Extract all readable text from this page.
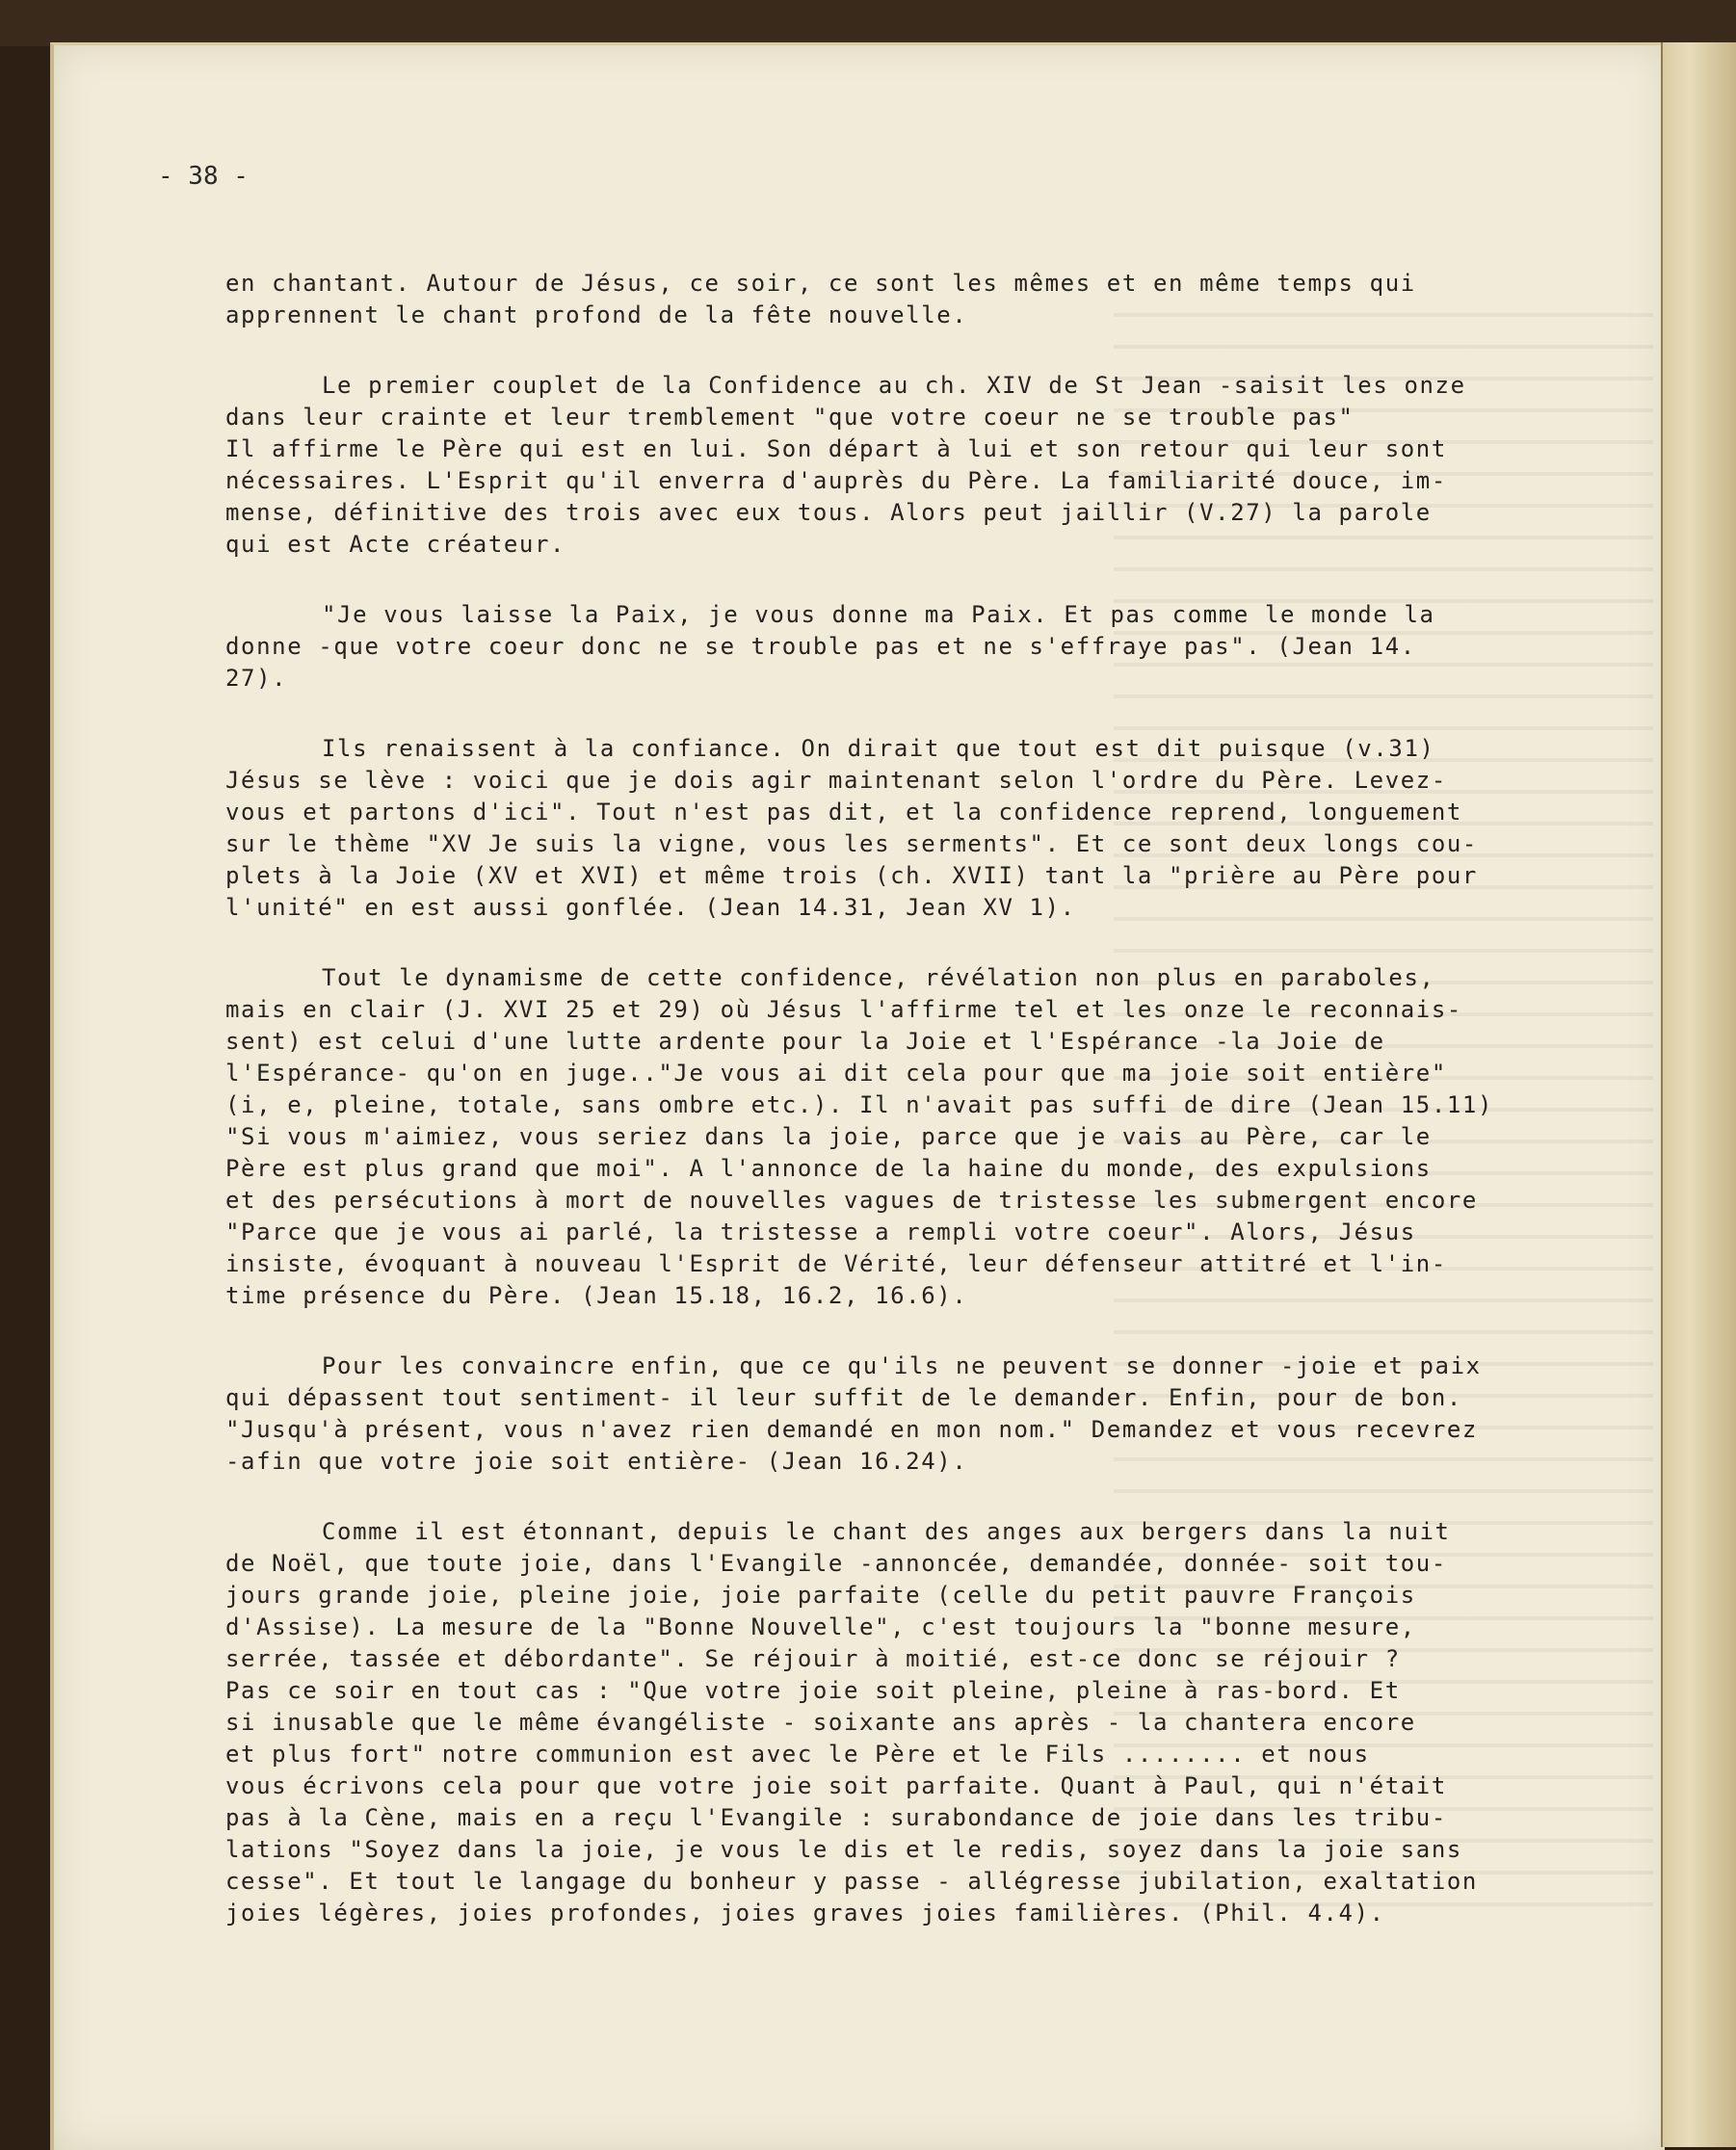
- 38 -

en chantant. Autour de Jésus, ce soir, ce sont les mêmes et en même temps qui

apprennent le chant profond de la fête nouvelle.

Le premier couplet de la Confidence au ch. XIV de St Jean -saisit les onze

dans leur crainte et leur tremblement "que votre coeur ne se trouble pas"

Il affirme le Père qui est en lui. Son départ à lui et son retour qui leur sont

nécessaires. L'Esprit qu'il enverra d'auprès du Père. La familiarité douce, im-

mense, définitive des trois avec eux tous. Alors peut jaillir (V.27) la parole

qui est Acte créateur.

"Je vous laisse la Paix, je vous donne ma Paix. Et pas comme le monde la

donne -que votre coeur donc ne se trouble pas et ne s'effraye pas". (Jean 14.

27).

Ils renaissent à la confiance. On dirait que tout est dit puisque (v.31)

Jésus se lève : voici que je dois agir maintenant selon l'ordre du Père. Levez-

vous et partons d'ici". Tout n'est pas dit, et la confidence reprend, longuement

sur le thème "XV Je suis la vigne, vous les serments". Et ce sont deux longs cou-

plets à la Joie (XV et XVI) et même trois (ch. XVII) tant la "prière au Père pour

l'unité" en est aussi gonflée. (Jean 14.31, Jean XV 1).

Tout le dynamisme de cette confidence, révélation non plus en paraboles,

mais en clair (J. XVI 25 et 29) où Jésus l'affirme tel et les onze le reconnais-

sent) est celui d'une lutte ardente pour la Joie et l'Espérance -la Joie de

l'Espérance- qu'on en juge.."Je vous ai dit cela pour que ma joie soit entière"

(i, e, pleine, totale, sans ombre etc.). Il n'avait pas suffi de dire (Jean 15.11)

"Si vous m'aimiez, vous seriez dans la joie, parce que je vais au Père, car le

Père est plus grand que moi". A l'annonce de la haine du monde, des expulsions

et des persécutions à mort de nouvelles vagues de tristesse les submergent encore

"Parce que je vous ai parlé, la tristesse a rempli votre coeur". Alors, Jésus

insiste, évoquant à nouveau l'Esprit de Vérité, leur défenseur attitré et l'in-

time présence du Père. (Jean 15.18, 16.2, 16.6).

Pour les convaincre enfin, que ce qu'ils ne peuvent se donner -joie et paix

qui dépassent tout sentiment- il leur suffit de le demander. Enfin, pour de bon.

"Jusqu'à présent, vous n'avez rien demandé en mon nom." Demandez et vous recevrez

-afin que votre joie soit entière- (Jean 16.24).

Comme il est étonnant, depuis le chant des anges aux bergers dans la nuit

de Noël, que toute joie, dans l'Evangile -annoncée, demandée, donnée- soit tou-

jours grande joie, pleine joie, joie parfaite (celle du petit pauvre François

d'Assise). La mesure de la "Bonne Nouvelle", c'est toujours la "bonne mesure,

serrée, tassée et débordante". Se réjouir à moitié, est-ce donc se réjouir ?

Pas ce soir en tout cas : "Que votre joie soit pleine, pleine à ras-bord. Et

si inusable que le même évangéliste - soixante ans après - la chantera encore

et plus fort" notre communion est avec le Père et le Fils ........ et nous

vous écrivons cela pour que votre joie soit parfaite. Quant à Paul, qui n'était

pas à la Cène, mais en a reçu l'Evangile : surabondance de joie dans les tribu-

lations "Soyez dans la joie, je vous le dis et le redis, soyez dans la joie sans

cesse". Et tout le langage du bonheur y passe - allégresse jubilation, exaltation

joies légères, joies profondes, joies graves joies familières. (Phil. 4.4).
